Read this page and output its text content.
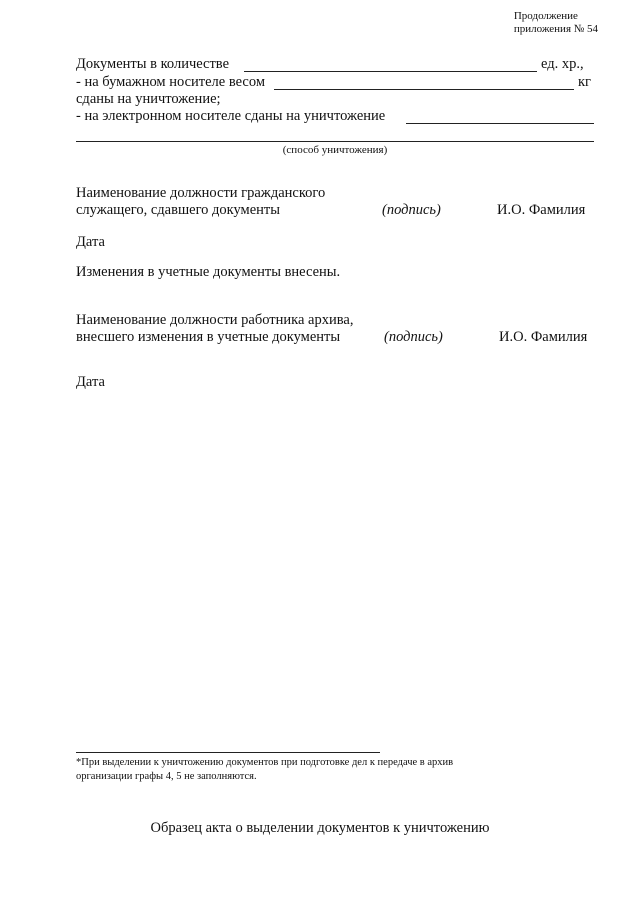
Продолжение
приложения № 54
Документы в количестве	ед. хр.,
- на бумажном носителе весом	кг
сданы на уничтожение;
- на электронном носителе сданы на уничтожение
(способ уничтожения)
Наименование должности гражданского
служащего, сдавшего документы	(подпись)	И.О. Фамилия
Дата
Изменения в учетные документы внесены.
Наименование должности работника архива,
внесшего изменения в учетные документы	(подпись)	И.О. Фамилия
Дата
*При выделении к уничтожению документов при подготовке дел к передаче в архив
организации графы 4, 5 не заполняются.
Образец акта о выделении документов к уничтожению
